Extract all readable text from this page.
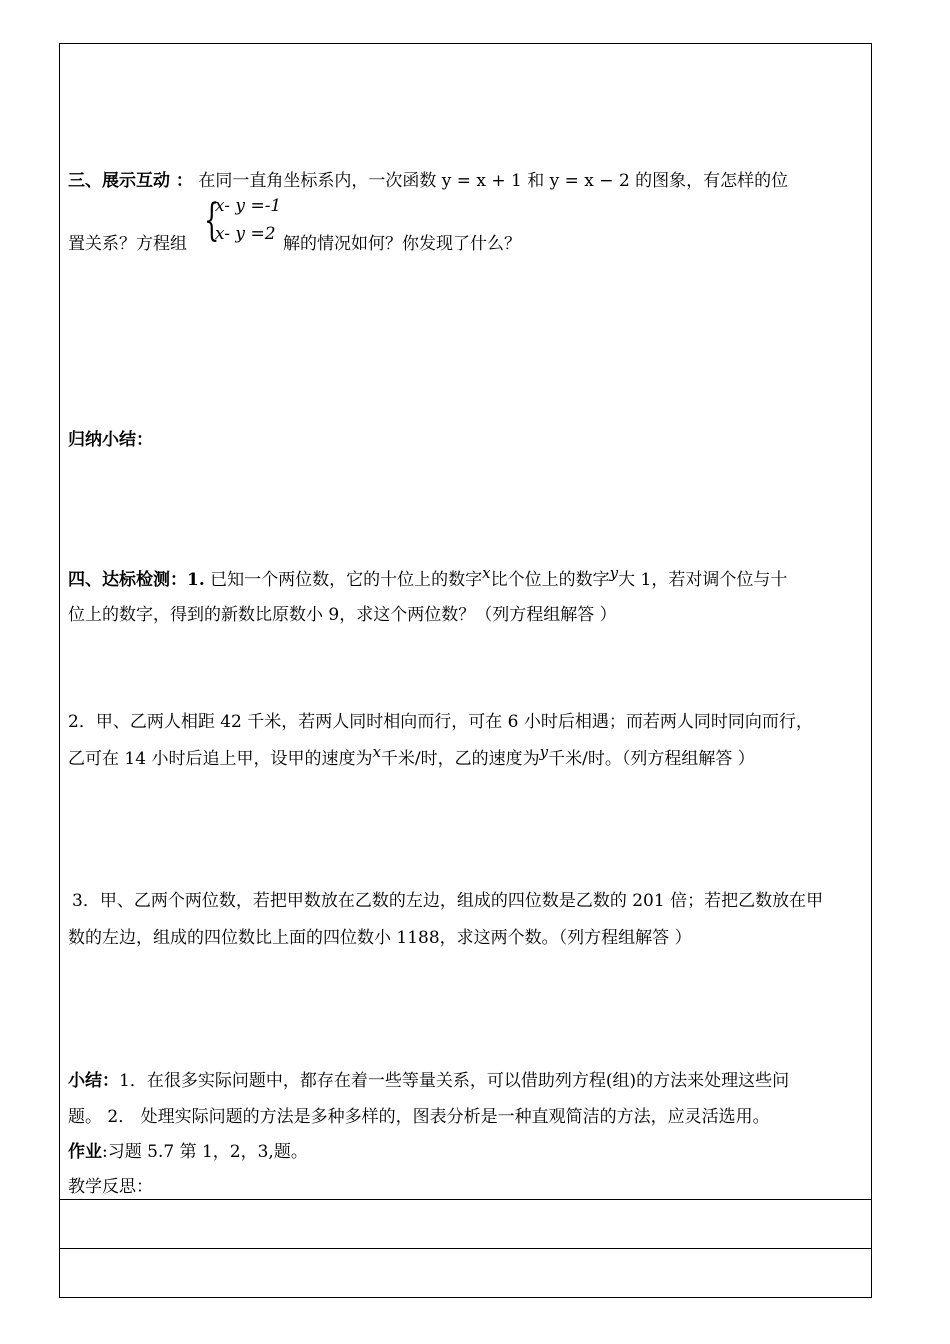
三、展示互动 ： 在同一直角坐标系内，一次函数 y = x + 1 和 y = x − 2 的图象，有怎样的位
置关系？方程组	解的情况如何？你发现了什么？
{
x- y =-1
x- y =2
归纳小结：
四、达标检测：1. 已知一个两位数，它的十位上的数字x比个位上的数字y大 1，若对调个位与十
位上的数字，得到的新数比原数小 9，求这个两位数？（列方程组解答 ）
2．甲、乙两人相距 42 千米，若两人同时相向而行，可在 6 小时后相遇；而若两人同时同向而行，
乙可在 14 小时后追上甲，设甲的速度为x千米/时，乙的速度为y千米/时。（列方程组解答 ）
3．甲、乙两个两位数，若把甲数放在乙数的左边，组成的四位数是乙数的 201 倍；若把乙数放在甲
数的左边，组成的四位数比上面的四位数小 1188，求这两个数。（列方程组解答 ）
小结：1．在很多实际问题中，都存在着一些等量关系，可以借助列方程(组)的方法来处理这些问
题。 2． 处理实际问题的方法是多种多样的，图表分析是一种直观简洁的方法，应灵活选用。
作业:习题 5.7 第 1，2，3,题。
教学反思：
